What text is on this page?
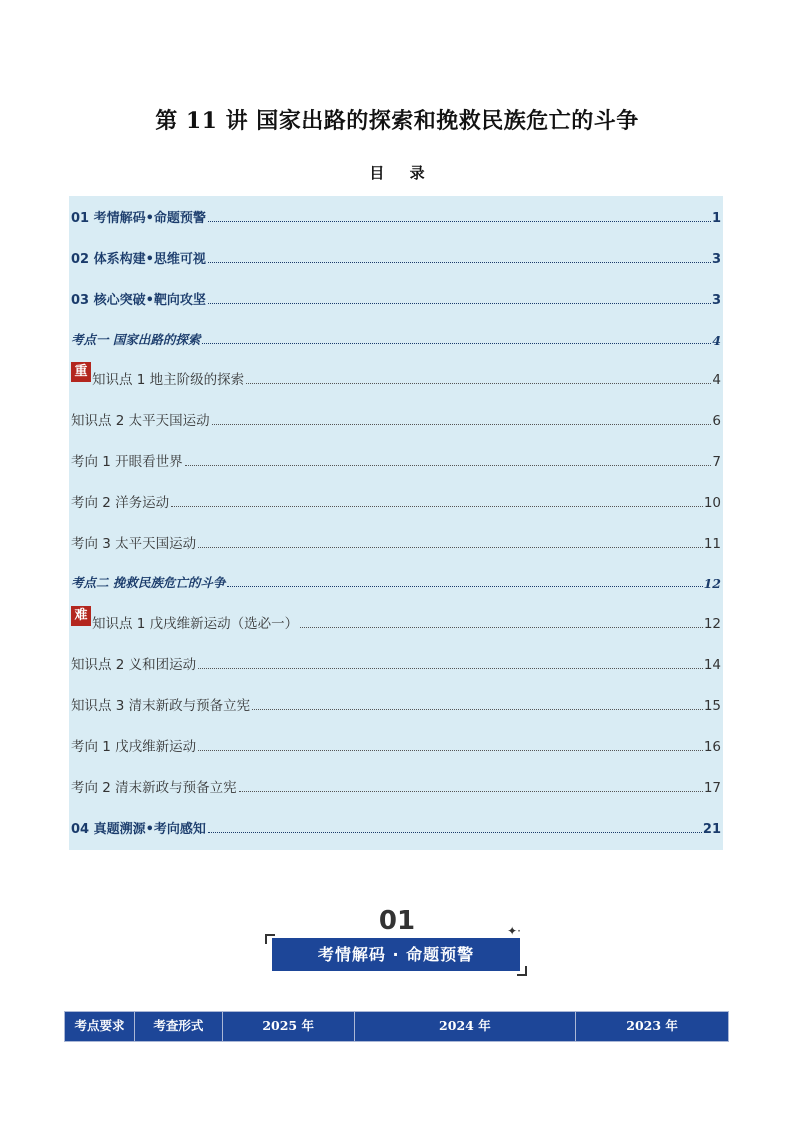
第 11 讲 国家出路的探索和挽救民族危亡的斗争
目 录
01 考情解码•命题预警	1
02 体系构建•思维可视	3
03 核心突破•靶向攻坚	3
考点一 国家出路的探索	4
重
知识点 1 地主阶级的探索	4
知识点 2 太平天国运动	6
考向 1 开眼看世界	7
考向 2 洋务运动	10
考向 3 太平天国运动	11
考点二 挽救民族危亡的斗争	12
难
知识点 1 戊戌维新运动（选必一）	12
知识点 2 义和团运动	14
知识点 3 清末新政与预备立宪	15
考向 1 戊戌维新运动	16
考向 2 清末新政与预备立宪	17
04 真题溯源•考向感知	21
01
考情解码 · 命题预警
✦·
考点要求	考查形式	2025 年	2024 年	2023 年
